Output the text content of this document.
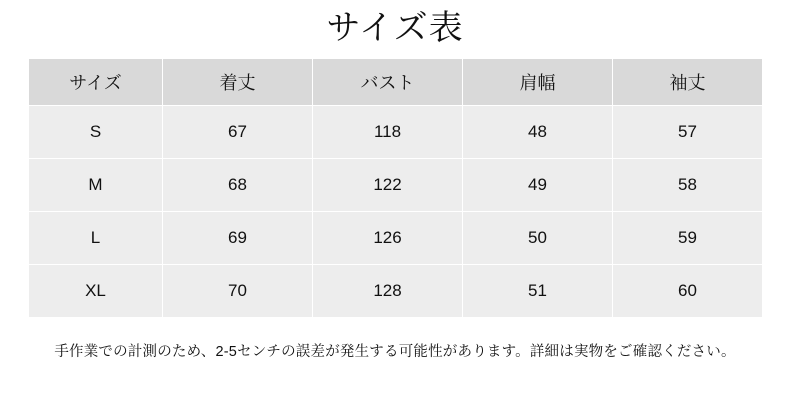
サイズ表
サイズ	着丈	バスト	肩幅	袖丈
S	67	118	48	57
M	68	122	49	58
L	69	126	50	59
XL	70	128	51	60
手作業での計測のため、2-5センチの誤差が発生する可能性があります。詳細は実物をご確認ください。
